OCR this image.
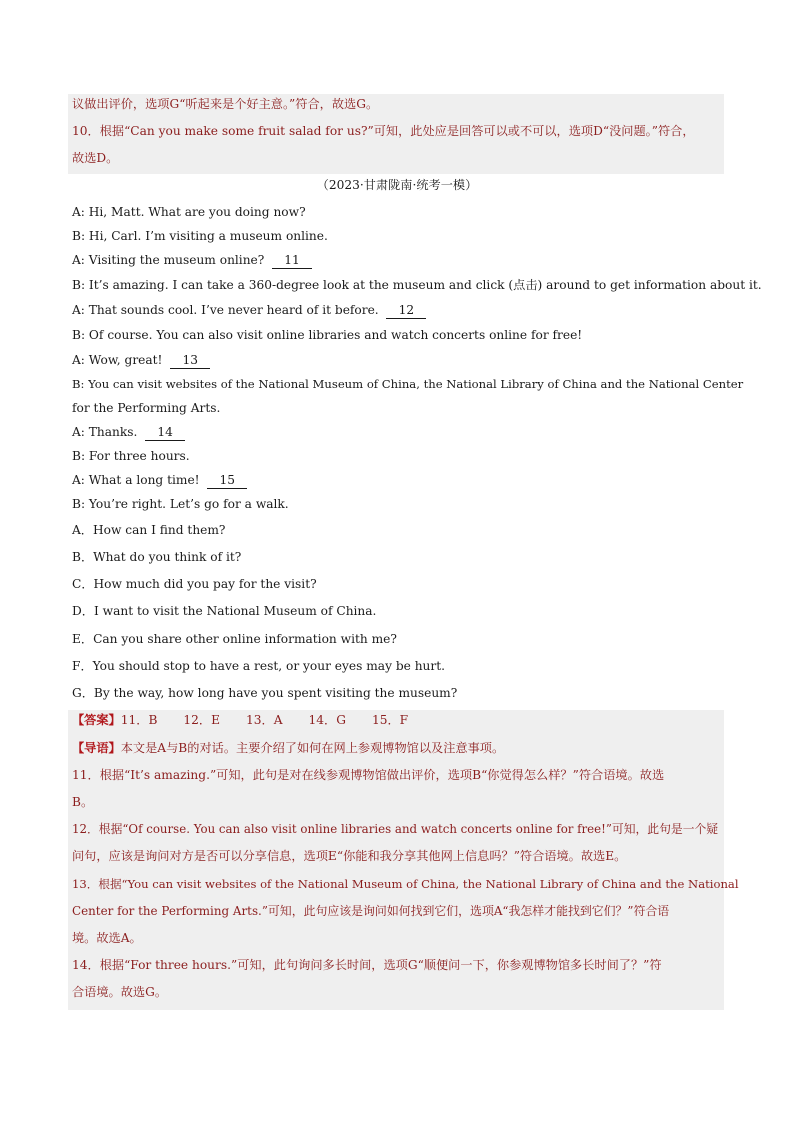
议做出评价，选项G“听起来是个好主意。”符合，故选G。
10．根据“Can you make some fruit salad for us?”可知，此处应是回答可以或不可以，选项D“没问题。”符合，
故选D。
（2023·甘肃陇南·统考一模）
A: Hi, Matt. What are you doing now?
B: Hi, Carl. I’m visiting a museum online.
A: Visiting the museum online? 11
B: It’s amazing. I can take a 360-degree look at the museum and click (点击) around to get information about it.
A: That sounds cool. I’ve never heard of it before. 12
B: Of course. You can also visit online libraries and watch concerts online for free!
A: Wow, great! 13
B: You can visit websites of the National Museum of China, the National Library of China and the National Center
for the Performing Arts.
A: Thanks. 14
B: For three hours.
A: What a long time! 15
B: You’re right. Let’s go for a walk.
A．How can I find them?
B．What do you think of it?
C．How much did you pay for the visit?
D．I want to visit the National Museum of China.
E．Can you share other online information with me?
F．You should stop to have a rest, or your eyes may be hurt.
G．By the way, how long have you spent visiting the museum?
【答案】11．B 12．E 13．A 14．G 15．F
【导语】本文是A与B的对话。主要介绍了如何在网上参观博物馆以及注意事项。
11．根据“It’s amazing.”可知，此句是对在线参观博物馆做出评价，选项B“你觉得怎么样？”符合语境。故选
B。
12．根据“Of course. You can also visit online libraries and watch concerts online for free!”可知，此句是一个疑
问句，应该是询问对方是否可以分享信息，选项E“你能和我分享其他网上信息吗？”符合语境。故选E。
13．根据“You can visit websites of the National Museum of China, the National Library of China and the National
Center for the Performing Arts.”可知，此句应该是询问如何找到它们，选项A“我怎样才能找到它们？”符合语
境。故选A。
14．根据“For three hours.”可知，此句询问多长时间，选项G“顺便问一下，你参观博物馆多长时间了？”符
合语境。故选G。
